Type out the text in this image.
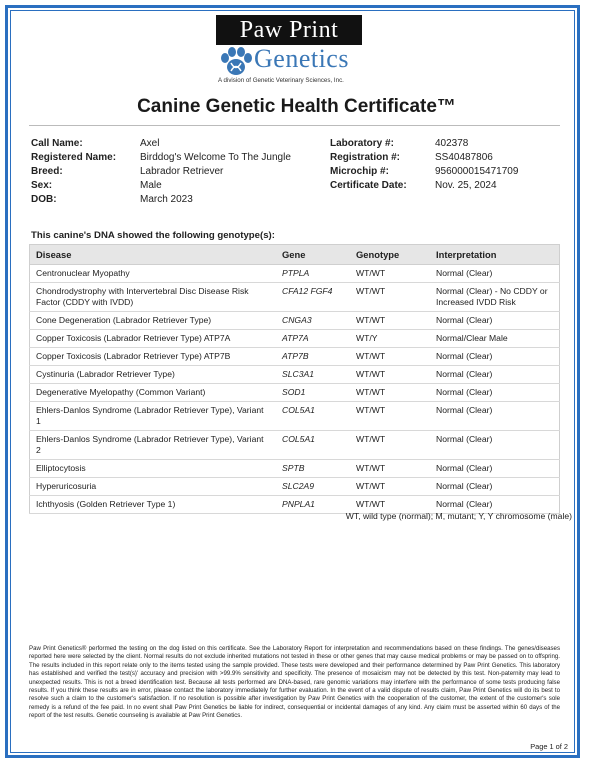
Paw Print
Genetics
A division of Genetic Veterinary Sciences, Inc.
Canine Genetic Health Certificate™
Call Name:	Axel
Registered Name: Birddog's Welcome To The Jungle
Breed:	Labrador Retriever
Sex:	Male
DOB:	March 2023
Laboratory #:	402378
Registration #:	SS40487806
Microchip #:	956000015471709
Certificate Date:	Nov. 25, 2024
This canine's DNA showed the following genotype(s):
Disease	Gene	Genotype	Interpretation
Centronuclear Myopathy	PTPLA	WT/WT	Normal (Clear)
Chondrodystrophy with Intervertebral Disc Disease Risk Factor (CDDY with IVDD)	CFA12 FGF4	WT/WT	Normal (Clear) - No CDDY or Increased IVDD Risk
Cone Degeneration (Labrador Retriever Type)	CNGA3	WT/WT	Normal (Clear)
Copper Toxicosis (Labrador Retriever Type) ATP7A	ATP7A	WT/Y	Normal/Clear Male
Copper Toxicosis (Labrador Retriever Type) ATP7B	ATP7B	WT/WT	Normal (Clear)
Cystinuria (Labrador Retriever Type)	SLC3A1	WT/WT	Normal (Clear)
Degenerative Myelopathy (Common Variant)	SOD1	WT/WT	Normal (Clear)
Ehlers-Danlos Syndrome (Labrador Retriever Type), Variant 1	COL5A1	WT/WT	Normal (Clear)
Ehlers-Danlos Syndrome (Labrador Retriever Type), Variant 2	COL5A1	WT/WT	Normal (Clear)
Elliptocytosis	SPTB	WT/WT	Normal (Clear)
Hyperuricosuria	SLC2A9	WT/WT	Normal (Clear)
Ichthyosis (Golden Retriever Type 1)	PNPLA1	WT/WT	Normal (Clear)
WT, wild type (normal); M, mutant; Y, Y chromosome (male)
Paw Print Genetics® performed the testing on the dog listed on this certificate. See the Laboratory Report for interpretation and recommendations based on these findings. The genes/diseases reported here were selected by the client. Normal results do not exclude inherited mutations not tested in these or other genes that may cause medical problems or may be passed on to offspring. The results included in this report relate only to the items tested using the sample provided. These tests were developed and their performance determined by Paw Print Genetics. This laboratory has established and verified the test(s)' accuracy and precision with >99.9% sensitivity and specificity. The presence of mosaicism may not be detected by this test. Non-paternity may lead to unexpected results. This is not a breed identification test. Because all tests performed are DNA-based, rare genomic variations may interfere with the performance of some tests producing false results. If you think these results are in error, please contact the laboratory immediately for further evaluation. In the event of a valid dispute of results claim, Paw Print Genetics will do its best to resolve such a claim to the customer's satisfaction. If no resolution is possible after investigation by Paw Print Genetics with the cooperation of the customer, the extent of the customer's sole remedy is a refund of the fee paid. In no event shall Paw Print Genetics be liable for indirect, consequential or incidental damages of any kind. Any claim must be asserted within 60 days of the report of the test results. Genetic counseling is available at Paw Print Genetics.
Page 1 of 2
